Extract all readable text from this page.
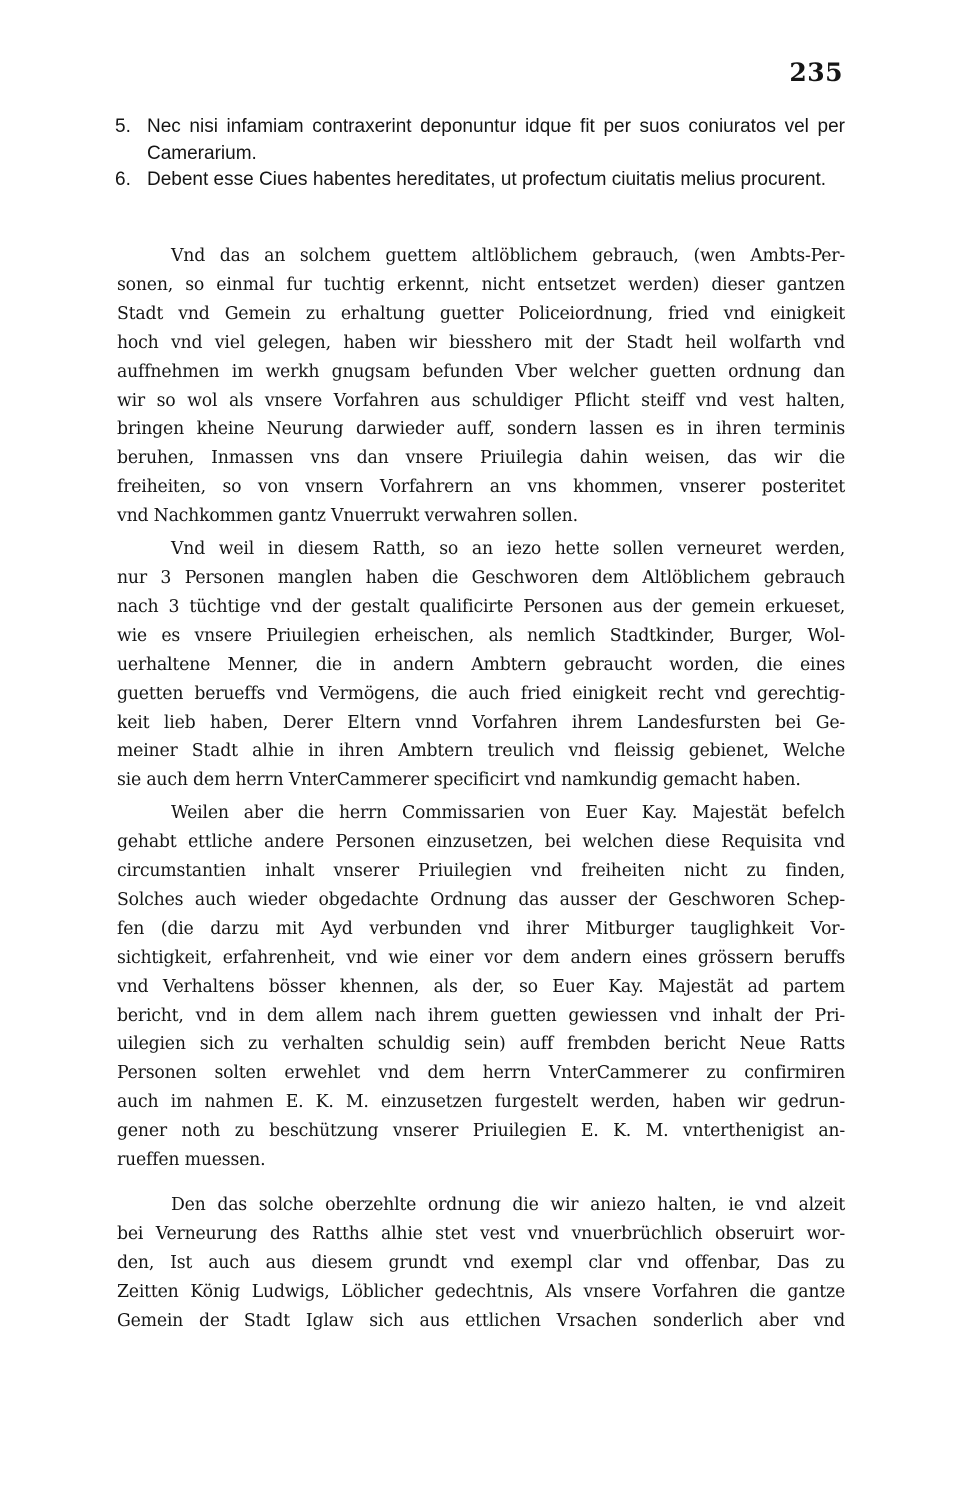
235
5. Nec nisi infamiam contraxerint deponuntur idque fit per suos coniuratos vel per Camerarium.
6. Debent esse Ciues habentes hereditates, ut profectum ciuitatis melius procurent.
Vnd das an solchem guettem altlöblichem gebrauch, (wen Ambts-Per-
sonen, so einmal fur tuchtig erkennt, nicht entsetzet werden) dieser gantzen
Stadt vnd Gemein zu erhaltung guetter Policeiordnung, fried vnd einigkeit
hoch vnd viel gelegen, haben wir biesshero mit der Stadt heil wolfarth vnd
auffnehmen im werkh gnugsam befunden Vber welcher guetten ordnung dan
wir so wol als vnsere Vorfahren aus schuldiger Pflicht steiff vnd vest halten,
bringen kheine Neurung darwieder auff, sondern lassen es in ihren terminis
beruhen, Inmassen vns dan vnsere Priuilegia dahin weisen, das wir die
freiheiten, so von vnsern Vorfahrern an vns khommen, vnserer posteritet
vnd Nachkommen gantz Vnuerrukt verwahren sollen.
Vnd weil in diesem Ratth, so an iezo hette sollen verneuret werden,
nur 3 Personen manglen haben die Geschworen dem Altlöblichem gebrauch
nach 3 tüchtige vnd der gestalt qualificirte Personen aus der gemein erkueset,
wie es vnsere Priuilegien erheischen, als nemlich Stadtkinder, Burger, Wol-
uerhaltene Menner, die in andern Ambtern gebraucht worden, die eines
guetten berueffs vnd Vermögens, die auch fried einigkeit recht vnd gerechtig-
keit lieb haben, Derer Eltern vnnd Vorfahren ihrem Landesfursten bei Ge-
meiner Stadt alhie in ihren Ambtern treulich vnd fleissig gebienet, Welche
sie auch dem herrn VnterCammerer specificirt vnd namkundig gemacht haben.
Weilen aber die herrn Commissarien von Euer Kay. Majestät befelch
gehabt ettliche andere Personen einzusetzen, bei welchen diese Requisita vnd
circumstantien inhalt vnserer Priuilegien vnd freiheiten nicht zu finden,
Solches auch wieder obgedachte Ordnung das ausser der Geschworen Schep-
fen (die darzu mit Ayd verbunden vnd ihrer Mitburger tauglighkeit Vor-
sichtigkeit, erfahrenheit, vnd wie einer vor dem andern eines grössern beruffs
vnd Verhaltens bösser khennen, als der, so Euer Kay. Majestät ad partem
bericht, vnd in dem allem nach ihrem guetten gewiessen vnd inhalt der Pri-
uilegien sich zu verhalten schuldig sein) auff frembden bericht Neue Ratts
Personen solten erwehlet vnd dem herrn VnterCammerer zu confirmiren
auch im nahmen E. K. M. einzusetzen furgestelt werden, haben wir gedrun-
gener noth zu beschützung vnserer Priuilegien E. K. M. vnterthenigist an-
rueffen muessen.
Den das solche oberzehlte ordnung die wir aniezo halten, ie vnd alzeit
bei Verneurung des Ratths alhie stet vest vnd vnuerbrüchlich obseruirt wor-
den, Ist auch aus diesem grundt vnd exempl clar vnd offenbar, Das zu
Zeitten König Ludwigs, Löblicher gedechtnis, Als vnsere Vorfahren die gantze
Gemein der Stadt Iglaw sich aus ettlichen Vrsachen sonderlich aber vnd
